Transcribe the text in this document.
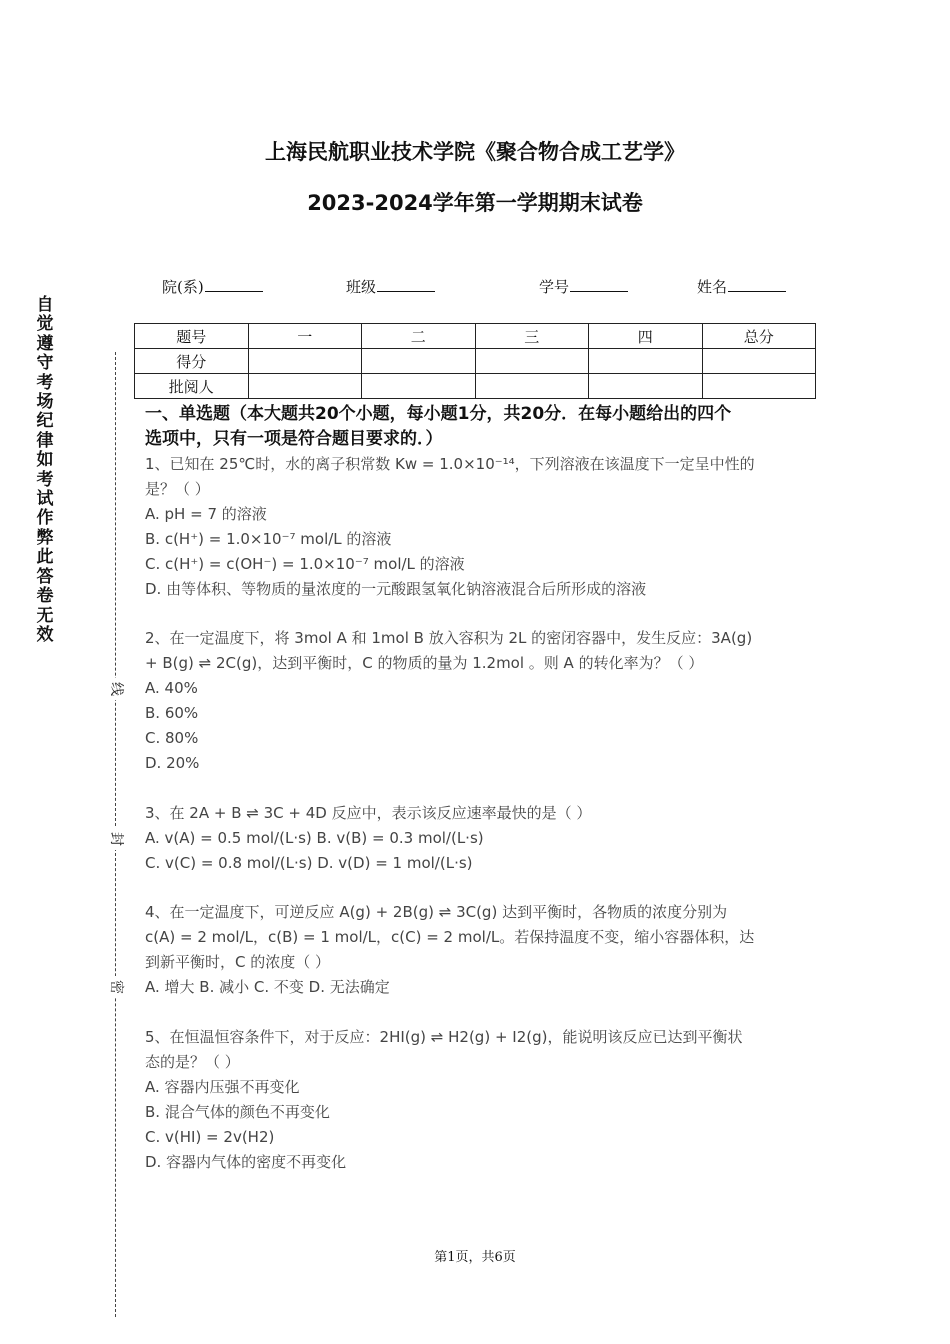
上海民航职业技术学院《聚合物合成工艺学》
2023-2024学年第一学期期末试卷
院(系)	班级	学号	姓名
题号	一	二	三	四	总分
得分					
批阅人					
自
觉
遵
守
考
场
纪
律
如
考
试
作
弊
此
答
卷
无
效
线
封
密
一、单选题（本大题共20个小题，每小题1分，共20分．在每小题给出的四个
选项中，只有一项是符合题目要求的．）
1、已知在 25℃时，水的离子积常数 Kw = 1.0×10⁻¹⁴，下列溶液在该温度下一定呈中性的
是？（ ）
A. pH = 7 的溶液
B. c(H⁺) = 1.0×10⁻⁷ mol/L 的溶液
C. c(H⁺) = c(OH⁻) = 1.0×10⁻⁷ mol/L 的溶液
D. 由等体积、等物质的量浓度的一元酸跟氢氧化钠溶液混合后所形成的溶液
2、在一定温度下，将 3mol A 和 1mol B 放入容积为 2L 的密闭容器中，发生反应：3A(g)
+ B(g) ⇌ 2C(g)，达到平衡时，C 的物质的量为 1.2mol 。则 A 的转化率为？（ ）
A. 40%
B. 60%
C. 80%
D. 20%
3、在 2A + B ⇌ 3C + 4D 反应中，表示该反应速率最快的是（ ）
A. v(A) = 0.5 mol/(L·s) B. v(B) = 0.3 mol/(L·s)
C. v(C) = 0.8 mol/(L·s) D. v(D) = 1 mol/(L·s)
4、在一定温度下，可逆反应 A(g) + 2B(g) ⇌ 3C(g) 达到平衡时，各物质的浓度分别为
c(A) = 2 mol/L，c(B) = 1 mol/L，c(C) = 2 mol/L。若保持温度不变，缩小容器体积，达
到新平衡时，C 的浓度（ ）
A. 增大 B. 减小 C. 不变 D. 无法确定
5、在恒温恒容条件下，对于反应：2HI(g) ⇌ H2(g) + I2(g)，能说明该反应已达到平衡状
态的是？（ ）
A. 容器内压强不再变化
B. 混合气体的颜色不再变化
C. v(HI) = 2v(H2)
D. 容器内气体的密度不再变化
第1页，共6页
